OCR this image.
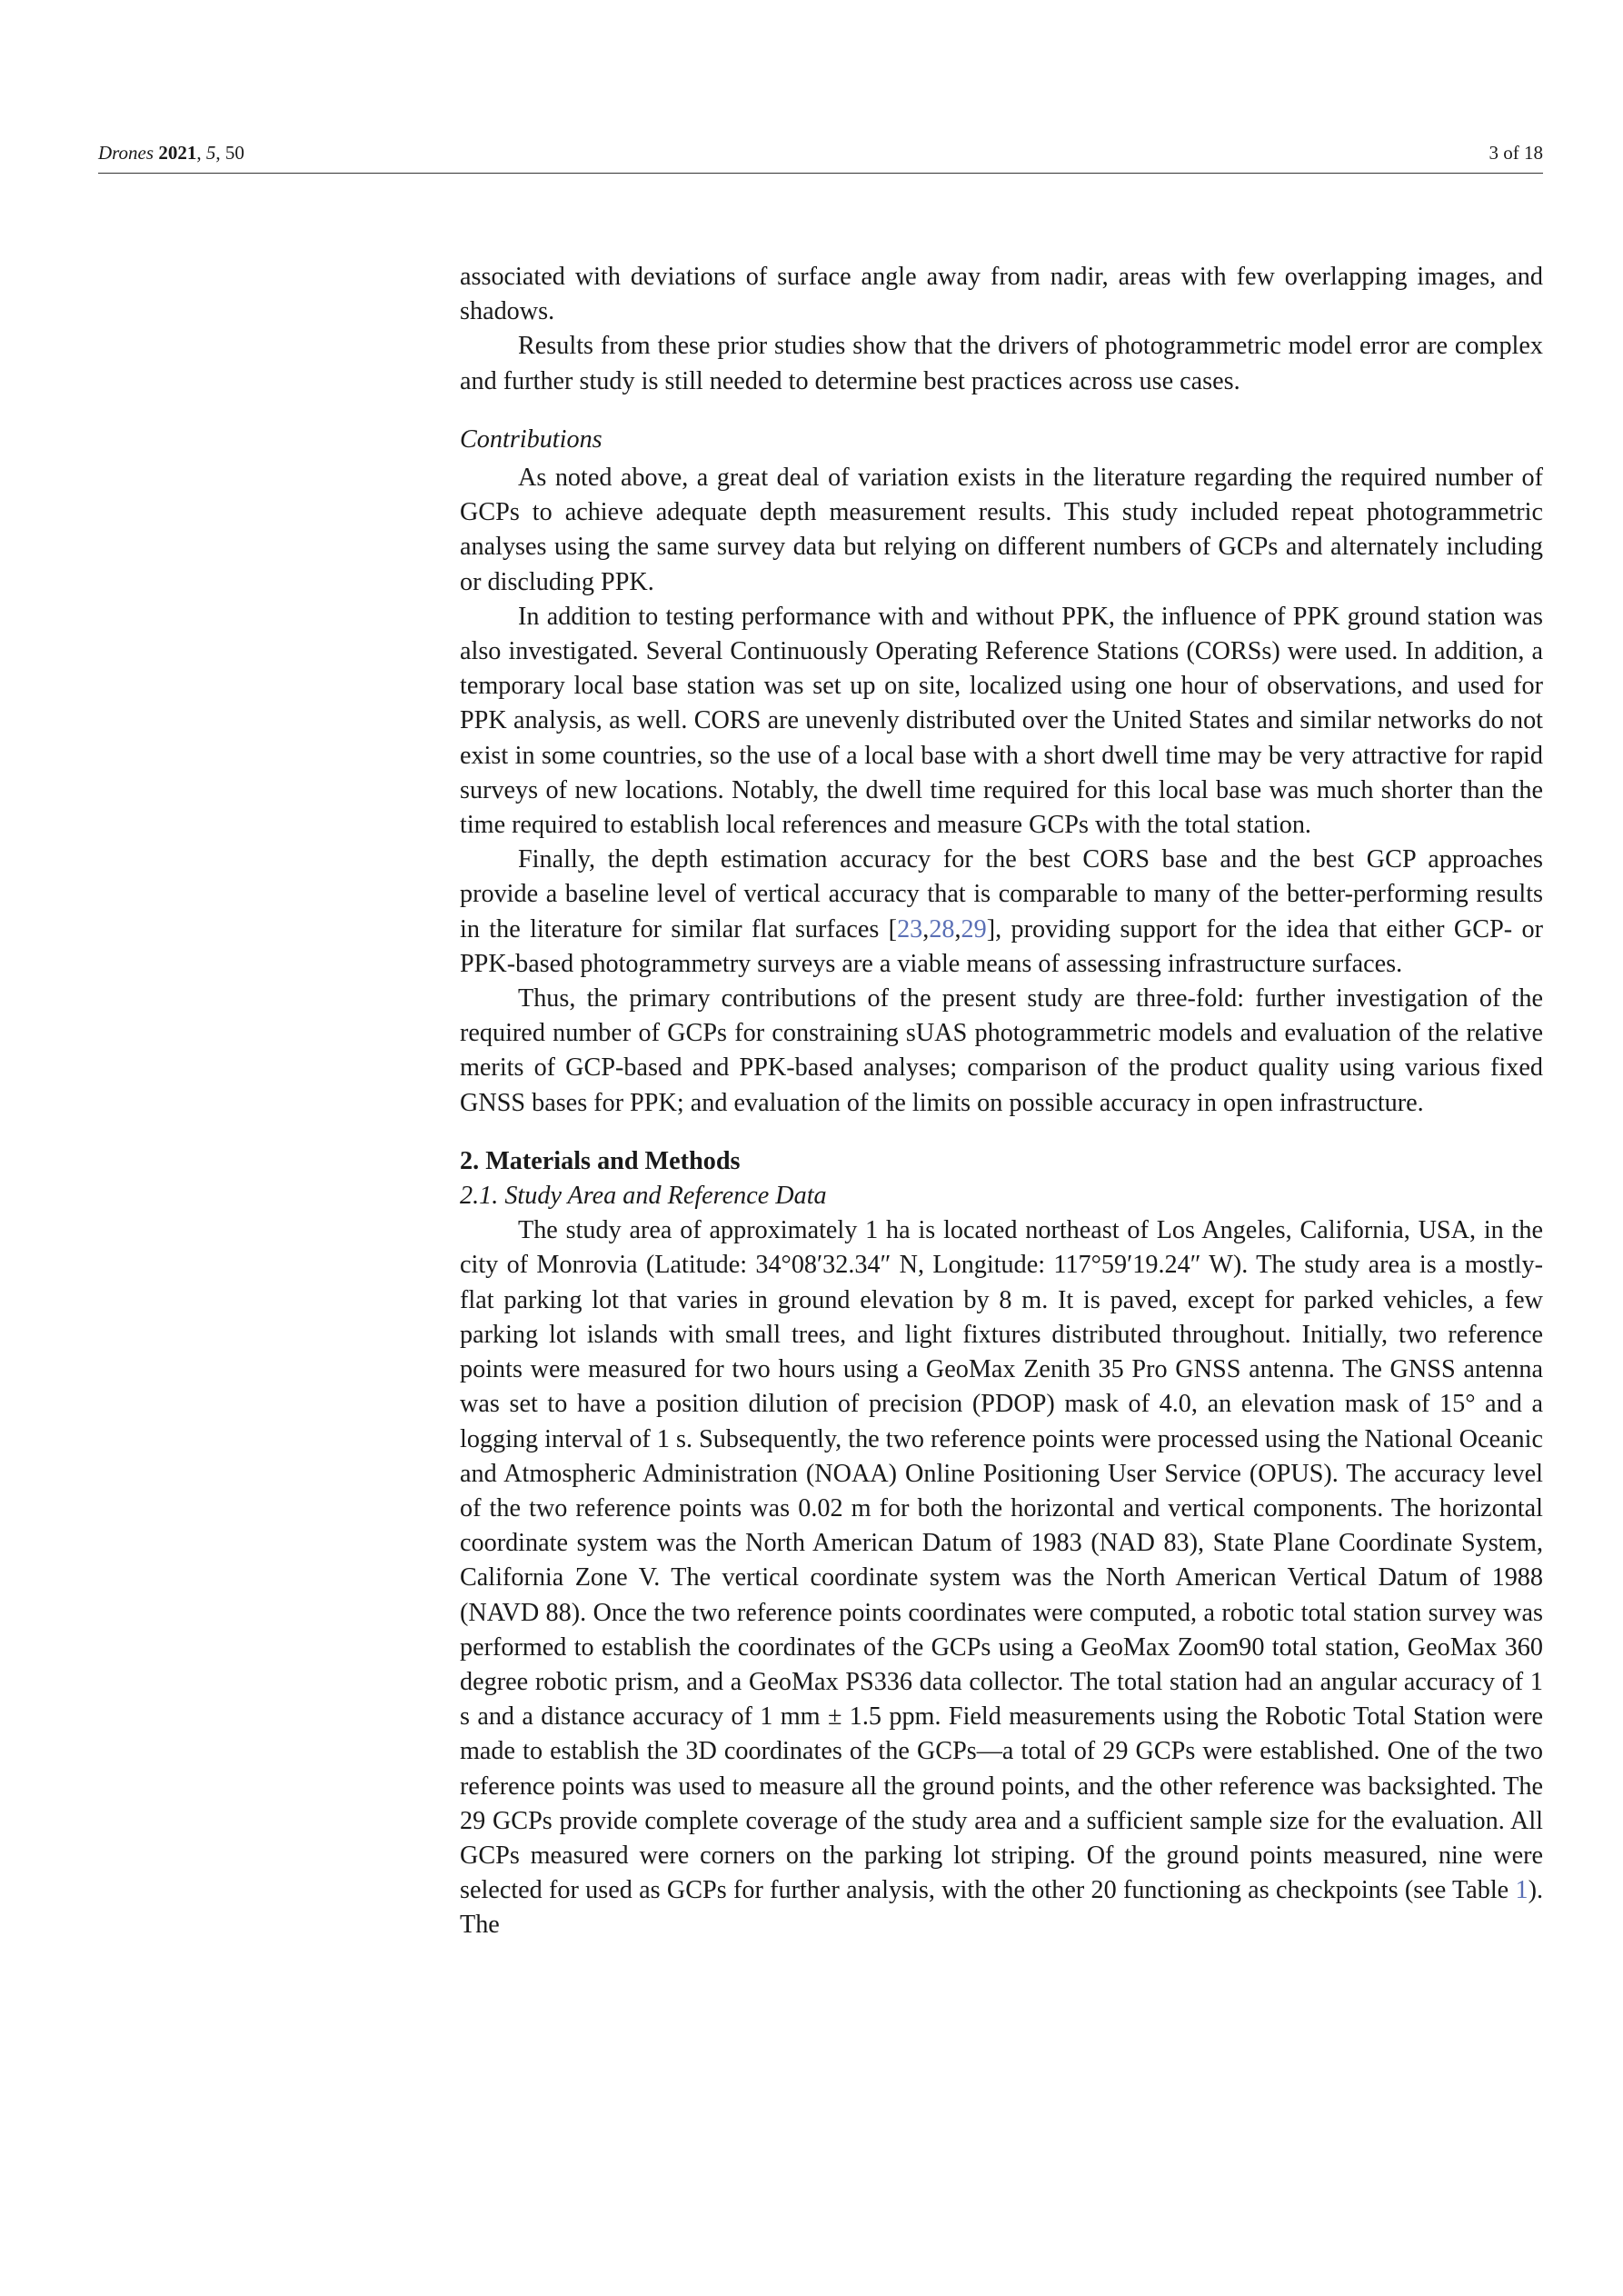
Drones 2021, 5, 50	3 of 18

associated with deviations of surface angle away from nadir, areas with few overlapping images, and shadows.

Results from these prior studies show that the drivers of photogrammetric model error are complex and further study is still needed to determine best practices across use cases.

Contributions

As noted above, a great deal of variation exists in the literature regarding the required number of GCPs to achieve adequate depth measurement results. This study included repeat photogrammetric analyses using the same survey data but relying on different numbers of GCPs and alternately including or discluding PPK.

In addition to testing performance with and without PPK, the influence of PPK ground station was also investigated. Several Continuously Operating Reference Stations (CORSs) were used. In addition, a temporary local base station was set up on site, localized using one hour of observations, and used for PPK analysis, as well. CORS are unevenly distributed over the United States and similar networks do not exist in some countries, so the use of a local base with a short dwell time may be very attractive for rapid surveys of new locations. Notably, the dwell time required for this local base was much shorter than the time required to establish local references and measure GCPs with the total station.

Finally, the depth estimation accuracy for the best CORS base and the best GCP approaches provide a baseline level of vertical accuracy that is comparable to many of the better-performing results in the literature for similar flat surfaces [23,28,29], providing support for the idea that either GCP- or PPK-based photogrammetry surveys are a viable means of assessing infrastructure surfaces.

Thus, the primary contributions of the present study are three-fold: further investigation of the required number of GCPs for constraining sUAS photogrammetric models and evaluation of the relative merits of GCP-based and PPK-based analyses; comparison of the product quality using various fixed GNSS bases for PPK; and evaluation of the limits on possible accuracy in open infrastructure.

2. Materials and Methods

2.1. Study Area and Reference Data

The study area of approximately 1 ha is located northeast of Los Angeles, California, USA, in the city of Monrovia (Latitude: 34°08′32.34″ N, Longitude: 117°59′19.24″ W). The study area is a mostly-flat parking lot that varies in ground elevation by 8 m. It is paved, except for parked vehicles, a few parking lot islands with small trees, and light fixtures distributed throughout. Initially, two reference points were measured for two hours using a GeoMax Zenith 35 Pro GNSS antenna. The GNSS antenna was set to have a position dilution of precision (PDOP) mask of 4.0, an elevation mask of 15° and a logging interval of 1 s. Subsequently, the two reference points were processed using the National Oceanic and Atmospheric Administration (NOAA) Online Positioning User Service (OPUS). The accuracy level of the two reference points was 0.02 m for both the horizontal and vertical components. The horizontal coordinate system was the North American Datum of 1983 (NAD 83), State Plane Coordinate System, California Zone V. The vertical coordinate system was the North American Vertical Datum of 1988 (NAVD 88). Once the two reference points coordinates were computed, a robotic total station survey was performed to establish the coordinates of the GCPs using a GeoMax Zoom90 total station, GeoMax 360 degree robotic prism, and a GeoMax PS336 data collector. The total station had an angular accuracy of 1 s and a distance accuracy of 1 mm ± 1.5 ppm. Field measurements using the Robotic Total Station were made to establish the 3D coordinates of the GCPs—a total of 29 GCPs were established. One of the two reference points was used to measure all the ground points, and the other reference was backsighted. The 29 GCPs provide complete coverage of the study area and a sufficient sample size for the evaluation. All GCPs measured were corners on the parking lot striping. Of the ground points measured, nine were selected for used as GCPs for further analysis, with the other 20 functioning as checkpoints (see Table 1). The
